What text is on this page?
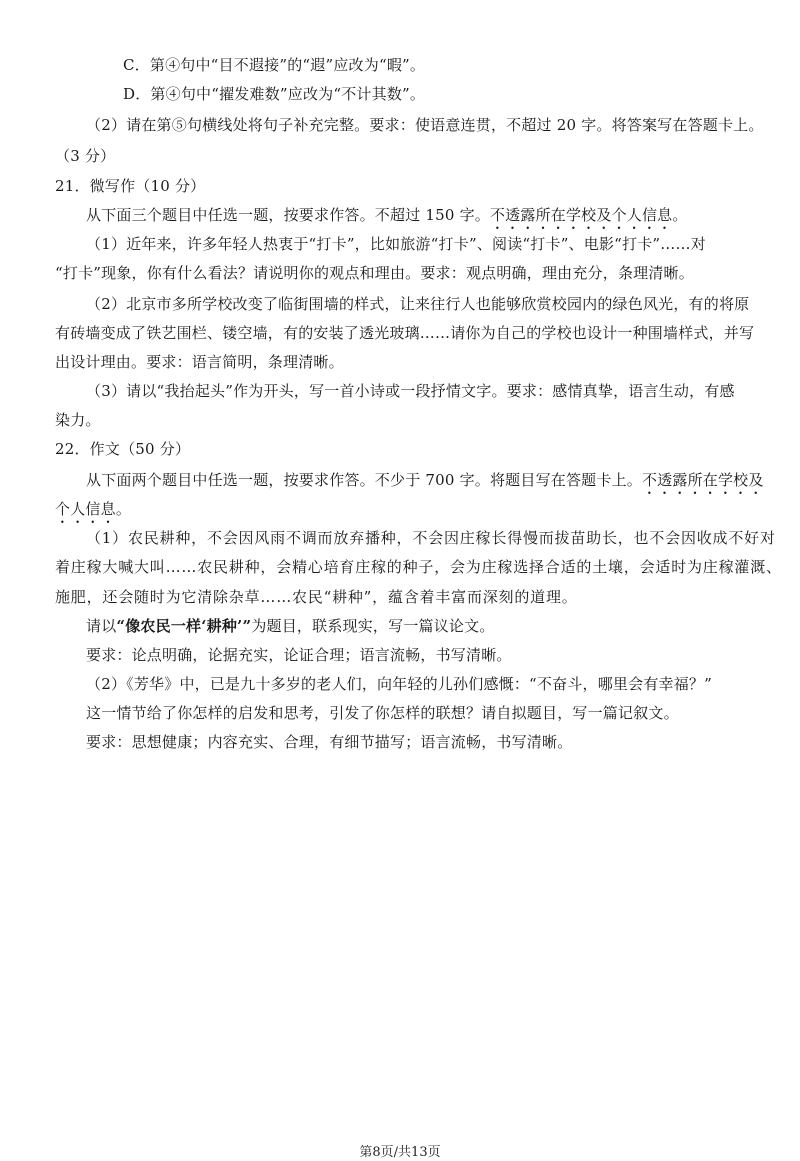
C．第④句中“目不遐接”的“遐”应改为“暇”。
D．第④句中“擢发难数”应改为“不计其数”。
（2）请在第⑤句横线处将句子补充完整。要求：使语意连贯，不超过 20 字。将答案写在答题卡上。
（3 分）
21．微写作（10 分）
从下面三个题目中任选一题，按要求作答。不超过 150 字。不透露所在学校及个人信息。
（1）近年来，许多年轻人热衷于“打卡”，比如旅游“打卡”、阅读“打卡”、电影“打卡”……对
“打卡”现象，你有什么看法？请说明你的观点和理由。要求：观点明确，理由充分，条理清晰。
（2）北京市多所学校改变了临街围墙的样式，让来往行人也能够欣赏校园内的绿色风光，有的将原
有砖墙变成了铁艺围栏、镂空墙，有的安装了透光玻璃……请你为自己的学校也设计一种围墙样式，并写
出设计理由。要求：语言简明，条理清晰。
（3）请以“我抬起头”作为开头，写一首小诗或一段抒情文字。要求：感情真挚，语言生动，有感
染力。
22．作文（50 分）
从下面两个题目中任选一题，按要求作答。不少于 700 字。将题目写在答题卡上。不透露所在学校及
个人信息。
（1）农民耕种，不会因风雨不调而放弃播种，不会因庄稼长得慢而拔苗助长，也不会因收成不好对
着庄稼大喊大叫……农民耕种，会精心培育庄稼的种子，会为庄稼选择合适的土壤，会适时为庄稼灌溉、
施肥，还会随时为它清除杂草……农民“耕种”，蕴含着丰富而深刻的道理。
请以“像农民一样‘耕种’”为题目，联系现实，写一篇议论文。
要求：论点明确，论据充实，论证合理；语言流畅，书写清晰。
（2）《芳华》中，已是九十多岁的老人们，向年轻的儿孙们感慨：“不奋斗，哪里会有幸福？”
这一情节给了你怎样的启发和思考，引发了你怎样的联想？请自拟题目，写一篇记叙文。
要求：思想健康；内容充实、合理，有细节描写；语言流畅，书写清晰。
第8页/共13页
